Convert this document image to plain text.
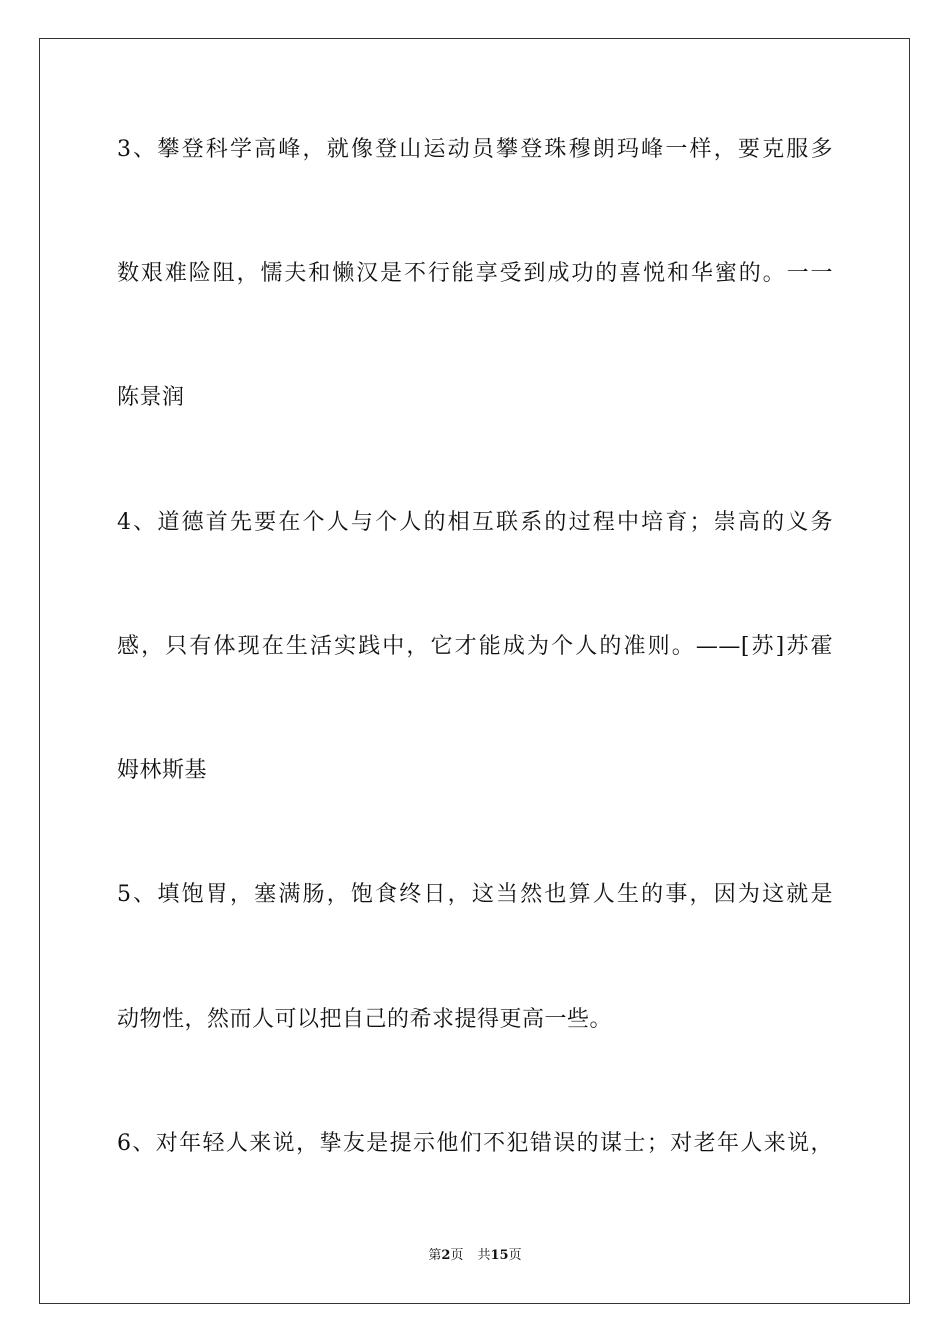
3、攀登科学高峰，就像登山运动员攀登珠穆朗玛峰一样，要克服多
数艰难险阻，懦夫和懒汉是不行能享受到成功的喜悦和华蜜的。一一
陈景润
4、道德首先要在个人与个人的相互联系的过程中培育；崇高的义务
感，只有体现在生活实践中，它才能成为个人的准则。——[苏]苏霍
姆林斯基
5、填饱胃，塞满肠，饱食终日，这当然也算人生的事，因为这就是
动物性，然而人可以把自己的希求提得更高一些。
6、对年轻人来说，挚友是提示他们不犯错误的谋士；对老年人来说，
第2页 共15页
